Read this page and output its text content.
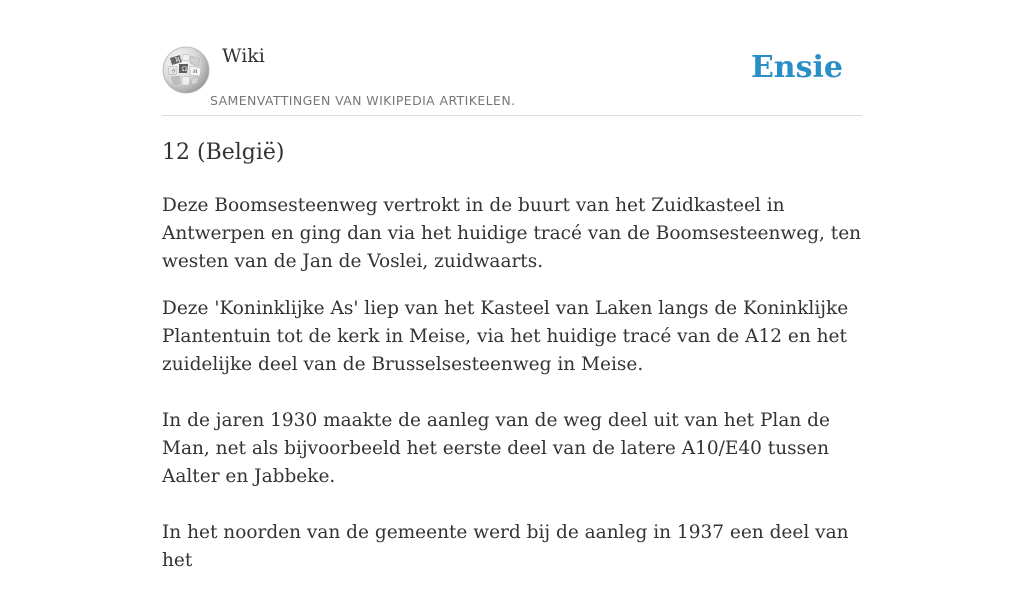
W
Ω И
ウ
Wiki
SAMENVATTINGEN VAN WIKIPEDIA ARTIKELEN.
Ensie
12 (België)

Deze Boomsesteenweg vertrokt in de buurt van het Zuidkasteel in Antwerpen en ging dan via het huidige tracé van de Boomsesteenweg, ten westen van de Jan de Voslei, zuidwaarts.

Deze 'Koninklijke As' liep van het Kasteel van Laken langs de Koninklijke Plantentuin tot de kerk in Meise, via het huidige tracé van de A12 en het zuidelijke deel van de Brusselsesteenweg in Meise.

In de jaren 1930 maakte de aanleg van de weg deel uit van het Plan de Man, net als bijvoorbeeld het eerste deel van de latere A10/E40 tussen Aalter en Jabbeke.

In het noorden van de gemeente werd bij de aanleg in 1937 een deel van het
